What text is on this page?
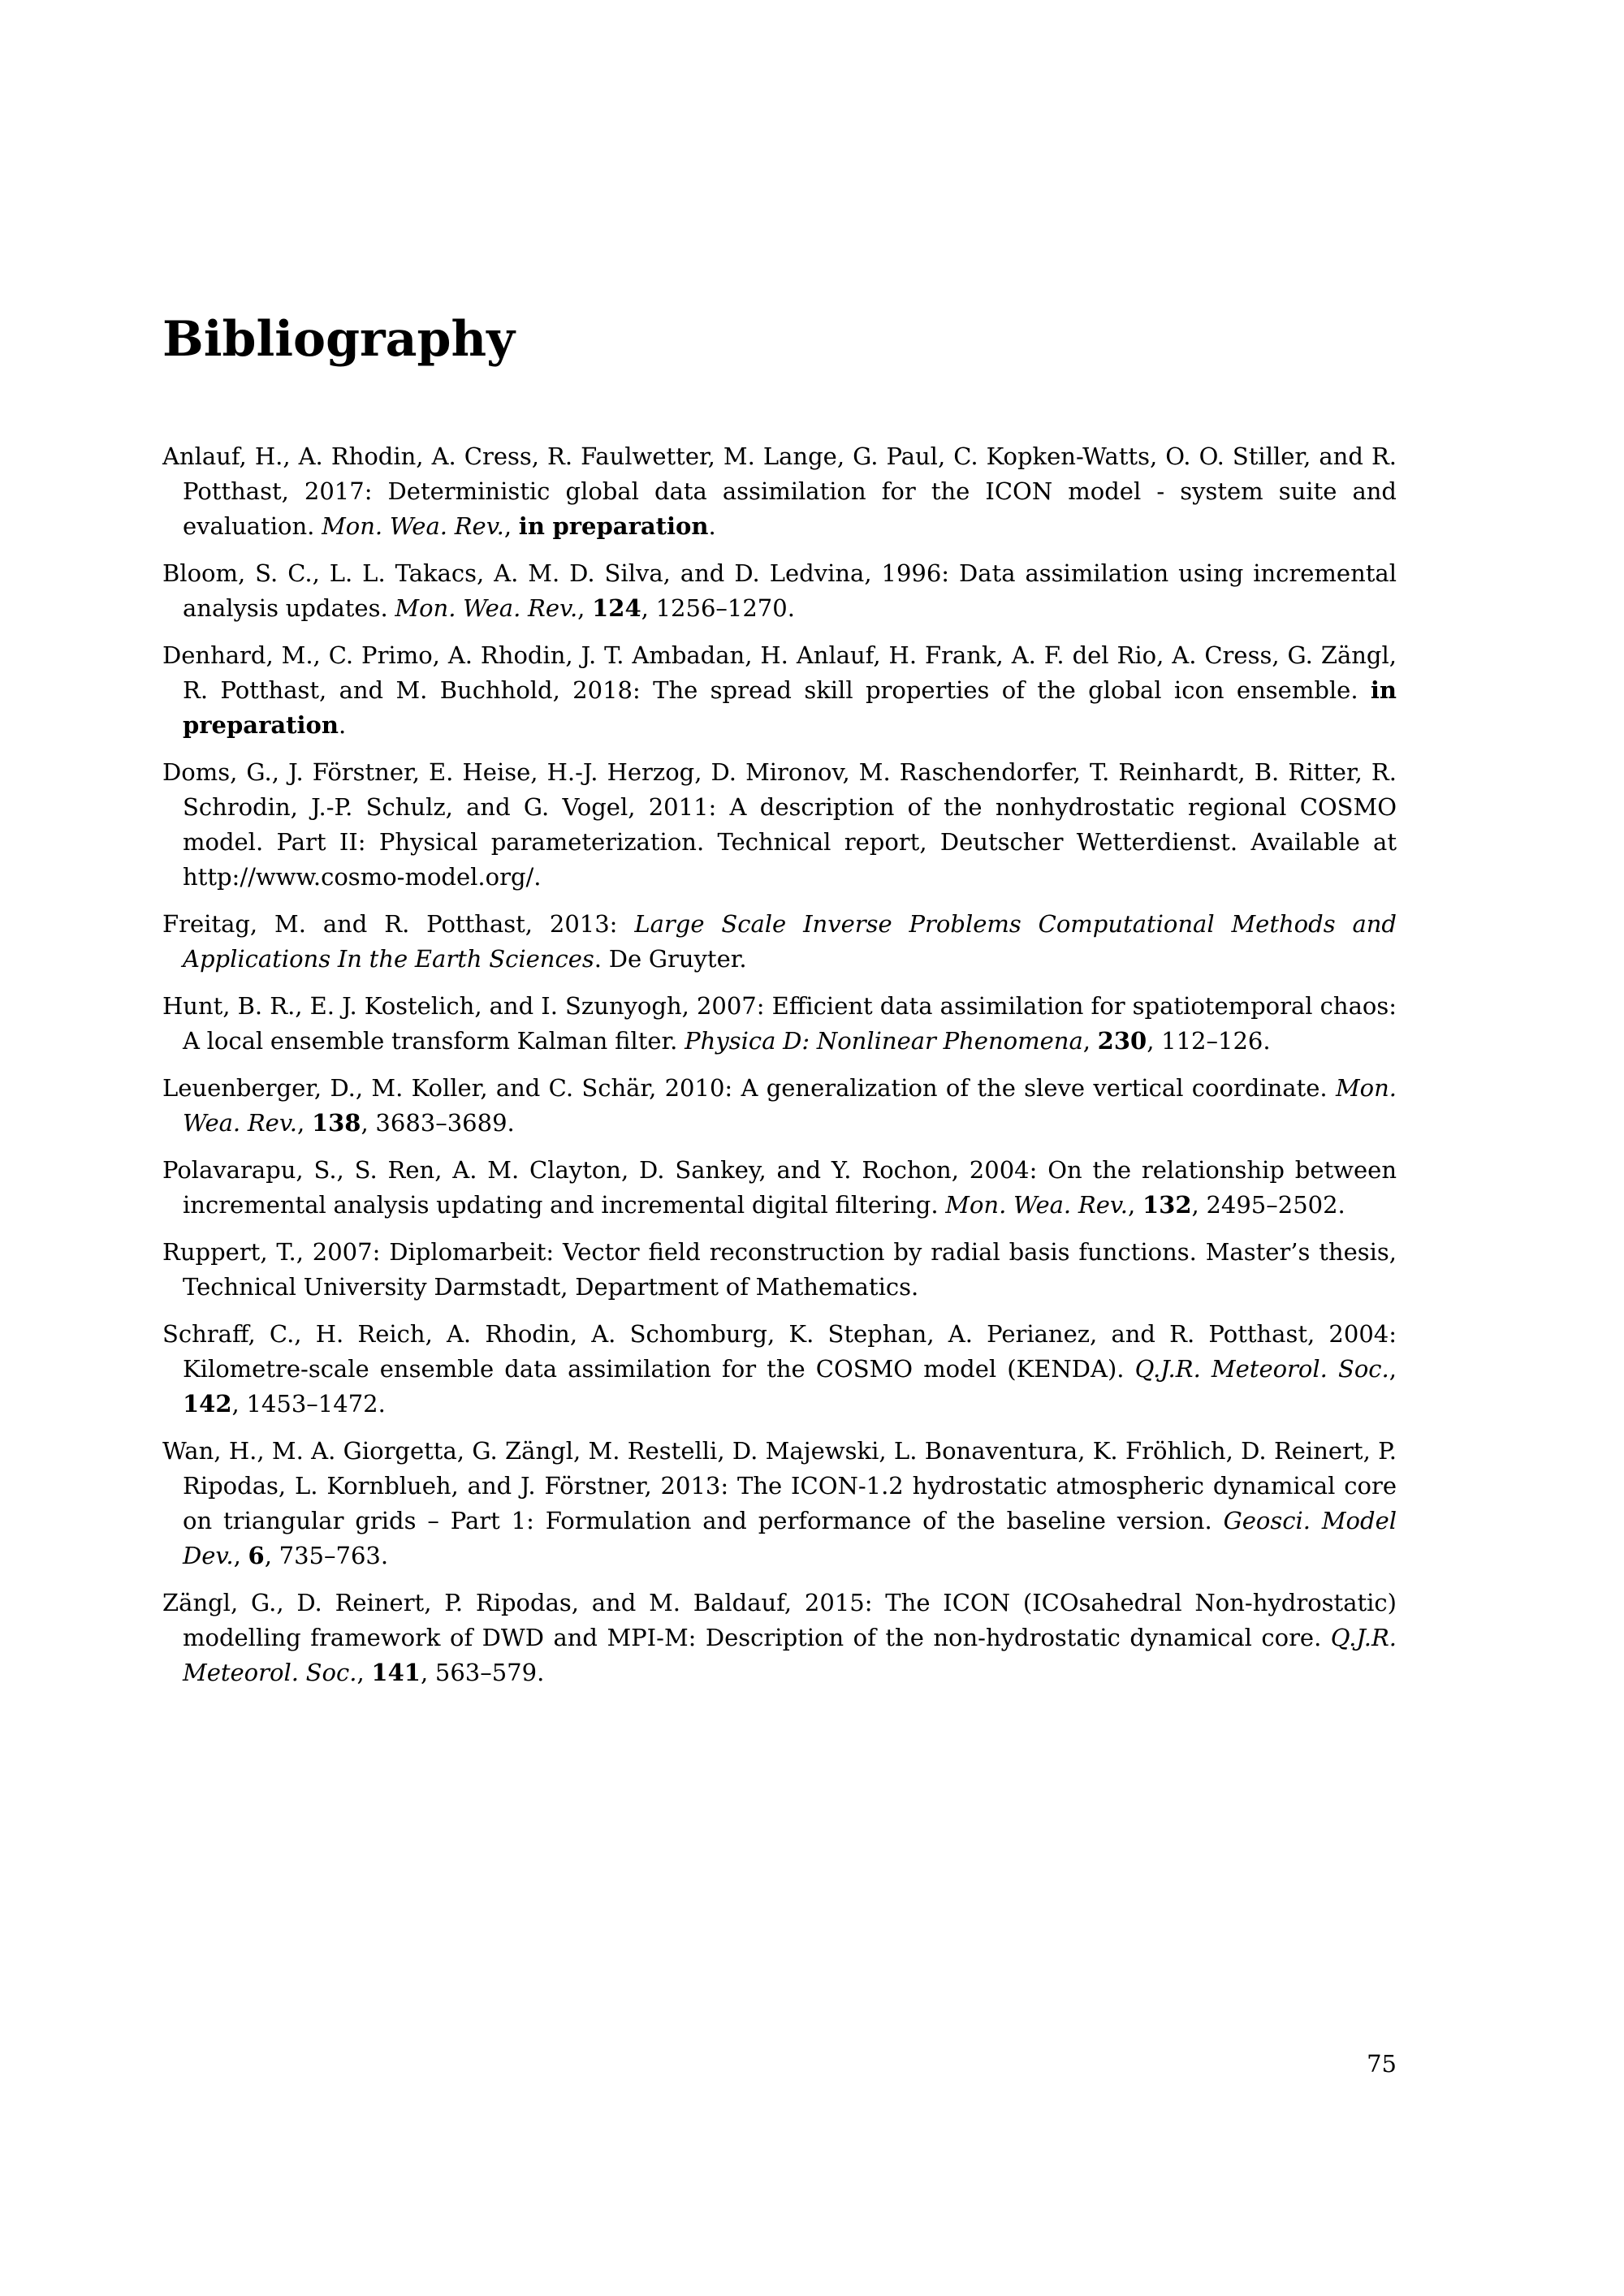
Bibliography

Anlauf, H., A. Rhodin, A. Cress, R. Faulwetter, M. Lange, G. Paul, C. Kopken-Watts, O. O. Stiller, and R. Potthast, 2017: Deterministic global data assimilation for the ICON model - system suite and evaluation. Mon. Wea. Rev., in preparation.

Bloom, S. C., L. L. Takacs, A. M. D. Silva, and D. Ledvina, 1996: Data assimilation using incremental analysis updates. Mon. Wea. Rev., 124, 1256–1270.

Denhard, M., C. Primo, A. Rhodin, J. T. Ambadan, H. Anlauf, H. Frank, A. F. del Rio, A. Cress, G. Zängl, R. Potthast, and M. Buchhold, 2018: The spread skill properties of the global icon ensemble. in preparation.

Doms, G., J. Förstner, E. Heise, H.-J. Herzog, D. Mironov, M. Raschendorfer, T. Reinhardt, B. Ritter, R. Schrodin, J.-P. Schulz, and G. Vogel, 2011: A description of the nonhydrostatic regional COSMO model. Part II: Physical parameterization. Technical report, Deutscher Wetterdienst. Available at http://www.cosmo-model.org/.

Freitag, M. and R. Potthast, 2013: Large Scale Inverse Problems Computational Methods and Applications In the Earth Sciences. De Gruyter.

Hunt, B. R., E. J. Kostelich, and I. Szunyogh, 2007: Efficient data assimilation for spatiotemporal chaos: A local ensemble transform Kalman filter. Physica D: Nonlinear Phenomena, 230, 112–126.

Leuenberger, D., M. Koller, and C. Schär, 2010: A generalization of the sleve vertical coordinate. Mon. Wea. Rev., 138, 3683–3689.

Polavarapu, S., S. Ren, A. M. Clayton, D. Sankey, and Y. Rochon, 2004: On the relationship between incremental analysis updating and incremental digital filtering. Mon. Wea. Rev., 132, 2495–2502.

Ruppert, T., 2007: Diplomarbeit: Vector field reconstruction by radial basis functions. Master’s thesis, Technical University Darmstadt, Department of Mathematics.

Schraff, C., H. Reich, A. Rhodin, A. Schomburg, K. Stephan, A. Perianez, and R. Potthast, 2004: Kilometre-scale ensemble data assimilation for the COSMO model (KENDA). Q.J.R. Meteorol. Soc., 142, 1453–1472.

Wan, H., M. A. Giorgetta, G. Zängl, M. Restelli, D. Majewski, L. Bonaventura, K. Fröhlich, D. Reinert, P. Ripodas, L. Kornblueh, and J. Förstner, 2013: The ICON-1.2 hydrostatic atmospheric dynamical core on triangular grids – Part 1: Formulation and performance of the baseline version. Geosci. Model Dev., 6, 735–763.

Zängl, G., D. Reinert, P. Ripodas, and M. Baldauf, 2015: The ICON (ICOsahedral Non-hydrostatic) modelling framework of DWD and MPI-M: Description of the non-hydrostatic dynamical core. Q.J.R. Meteorol. Soc., 141, 563–579.

75
